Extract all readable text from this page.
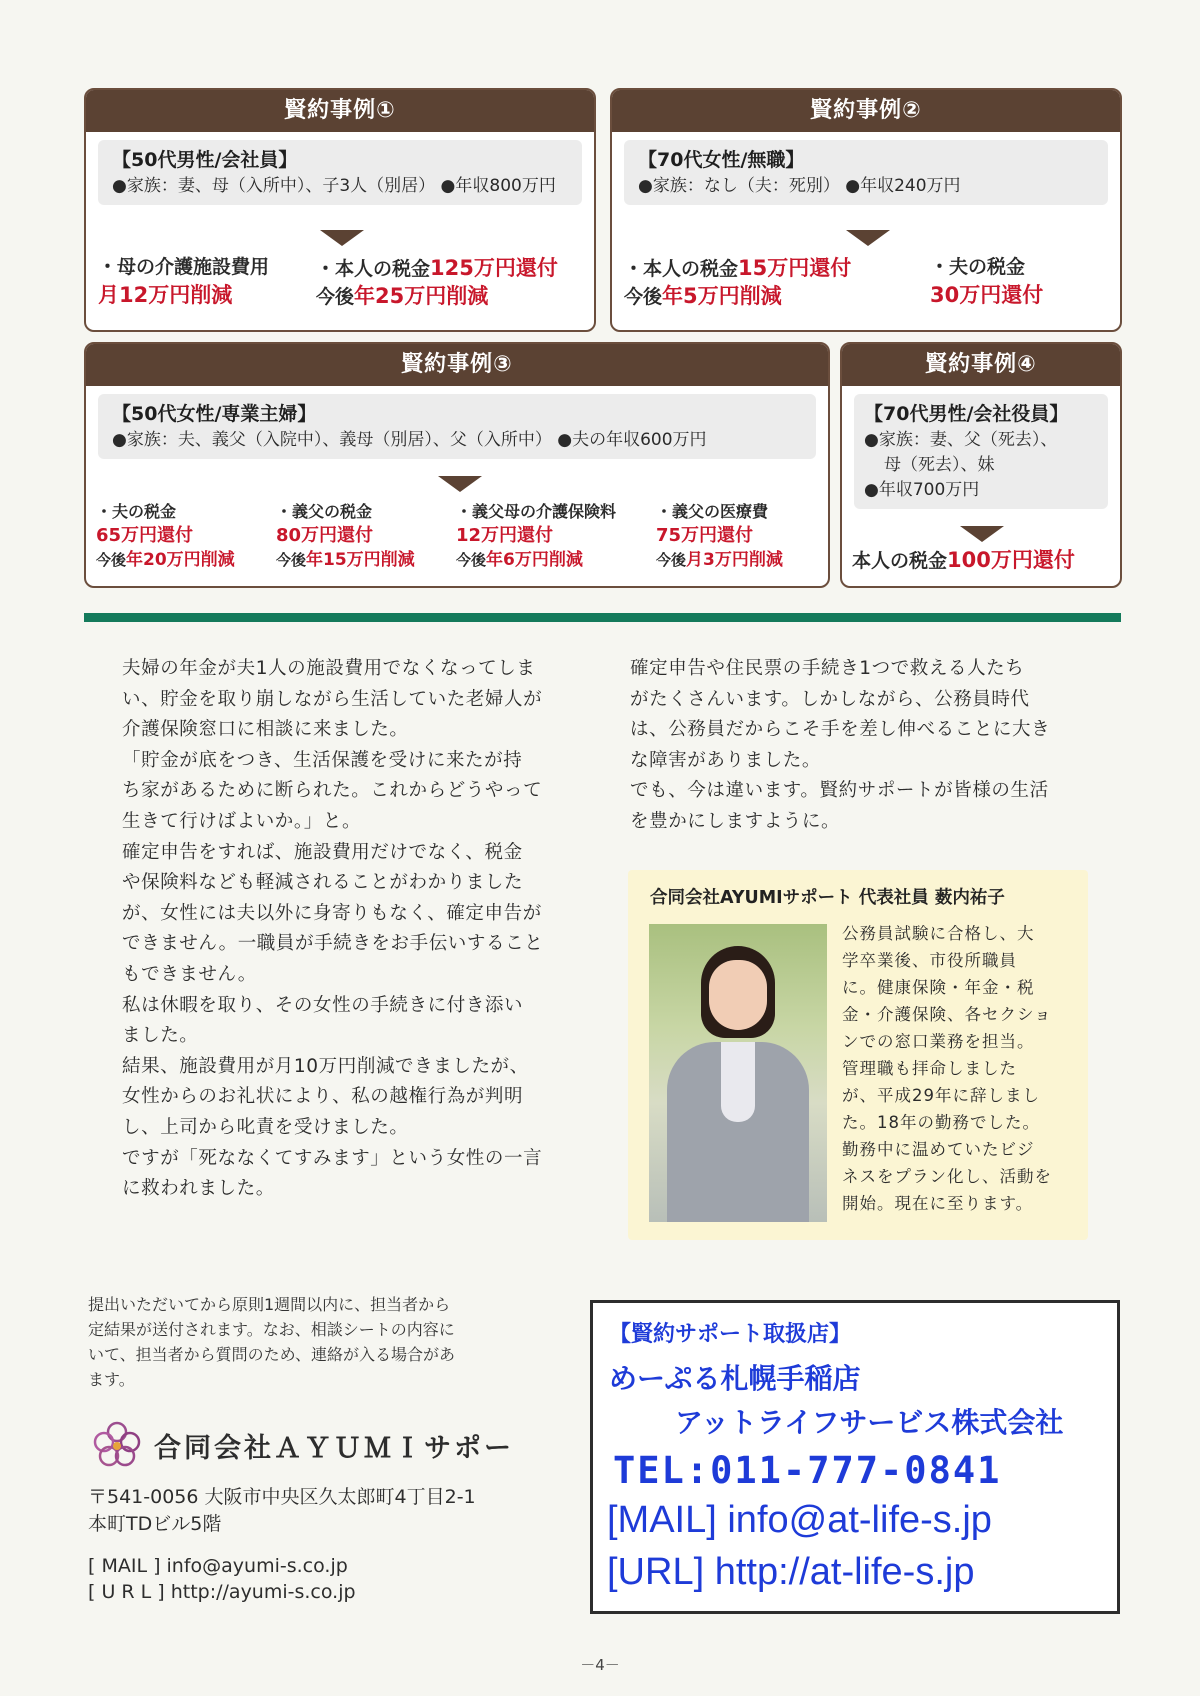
賢約事例①
【50代男性/会社員】
●家族：妻、母（入所中）、子3人（別居） ●年収800万円
・母の介護施設費用
月12万円削減
・本人の税金125万円還付
今後年25万円削減
賢約事例②
【70代女性/無職】
●家族：なし（夫：死別） ●年収240万円
・本人の税金15万円還付
今後年5万円削減
・夫の税金
30万円還付
賢約事例③
【50代女性/専業主婦】
●家族：夫、義父（入院中）、義母（別居）、父（入所中） ●夫の年収600万円
・夫の税金
65万円還付
今後年20万円削減
・義父の税金
80万円還付
今後年15万円削減
・義父母の介護保険料
12万円還付
今後年6万円削減
・義父の医療費
75万円還付
今後月3万円削減
賢約事例④
【70代男性/会社役員】
●家族：妻、父（死去）、
母（死去）、妹
●年収700万円
本人の税金100万円還付

夫婦の年金が夫1人の施設費用でなくなってしま

い、貯金を取り崩しながら生活していた老婦人が

介護保険窓口に相談に来ました。

「貯金が底をつき、生活保護を受けに来たが持

ち家があるために断られた。これからどうやって

生きて行けばよいか。」と。

確定申告をすれば、施設費用だけでなく、税金

や保険料なども軽減されることがわかりました

が、女性には夫以外に身寄りもなく、確定申告が

できません。一職員が手続きをお手伝いすること

もできません。

私は休暇を取り、その女性の手続きに付き添い

ました。

結果、施設費用が月10万円削減できましたが、

女性からのお礼状により、私の越権行為が判明

し、上司から叱責を受けました。

ですが「死ななくてすみます」という女性の一言

に救われました。

確定申告や住民票の手続き1つで救える人たち

がたくさんいます。しかしながら、公務員時代

は、公務員だからこそ手を差し伸べることに大き

な障害がありました。

でも、今は違います。賢約サポートが皆様の生活

を豊かにしますように。

合同会社AYUMIサポート 代表社員 薮内祐子
公務員試験に合格し、大
学卒業後、市役所職員
に。健康保険・年金・税
金・介護保険、各セクショ
ンでの窓口業務を担当。
管理職も拝命しました
が、平成29年に辞しまし
た。18年の勤務でした。
勤務中に温めていたビジ
ネスをプラン化し、活動を
開始。現在に至ります。
提出いただいてから原則1週間以内に、担当者から
定結果が送付されます。なお、相談シートの内容に
いて、担当者から質問のため、連絡が入る場合があ
ます。
合同会社ＡＹＵＭＩサポー
〒541-0056 大阪市中央区久太郎町4丁目2-1
本町TDビル5階
[ MAIL ] info@ayumi-s.co.jp
[ U R L ] http://ayumi-s.co.jp
【賢約サポート取扱店】
めーぷる札幌手稲店
アットライフサービス株式会社
TEL:011-777-0841
[MAIL] info@at-life-s.jp
[URL] http://at-life-s.jp
－4－
